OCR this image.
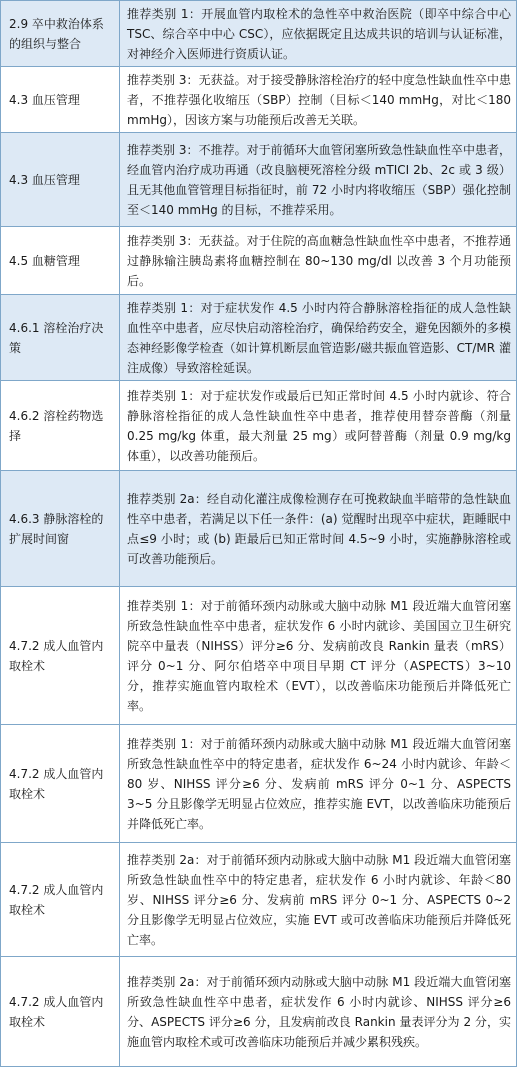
2.9 卒中救治体系的组织与整合	推荐类别 1：开展血管内取栓术的急性卒中救治医院（即卒中综合中心 TSC、综合卒中中心 CSC），应依据既定且达成共识的培训与认证标准，对神经介入医师进行资质认证。
4.3 血压管理	推荐类别 3：无获益。对于接受静脉溶栓治疗的轻中度急性缺血性卒中患者，不推荐强化收缩压（SBP）控制（目标＜140 mmHg，对比＜180 mmHg），因该方案与功能预后改善无关联。
4.3 血压管理	推荐类别 3：不推荐。对于前循环大血管闭塞所致急性缺血性卒中患者，经血管内治疗成功再通（改良脑梗死溶栓分级 mTICI 2b、2c 或 3 级）且无其他血管管理目标指征时，前 72 小时内将收缩压（SBP）强化控制至＜140 mmHg 的目标，不推荐采用。
4.5 血糖管理	推荐类别 3：无获益。对于住院的高血糖急性缺血性卒中患者，不推荐通过静脉输注胰岛素将血糖控制在 80~130 mg/dl 以改善 3 个月功能预后。
4.6.1 溶栓治疗决策	推荐类别 1：对于症状发作 4.5 小时内符合静脉溶栓指征的成人急性缺血性卒中患者，应尽快启动溶栓治疗，确保给药安全，避免因额外的多模态神经影像学检查（如计算机断层血管造影/磁共振血管造影、CT/MR 灌注成像）导致溶栓延误。
4.6.2 溶栓药物选择	推荐类别 1：对于症状发作或最后已知正常时间 4.5 小时内就诊、符合静脉溶栓指征的成人急性缺血性卒中患者，推荐使用替奈普酶（剂量 0.25 mg/kg 体重，最大剂量 25 mg）或阿替普酶（剂量 0.9 mg/kg 体重），以改善功能预后。
4.6.3 静脉溶栓的扩展时间窗	推荐类别 2a：经自动化灌注成像检测存在可挽救缺血半暗带的急性缺血性卒中患者，若满足以下任一条件：(a) 觉醒时出现卒中症状，距睡眠中点≤9 小时；或 (b) 距最后已知正常时间 4.5~9 小时，实施静脉溶栓或可改善功能预后。
4.7.2 成人血管内取栓术	推荐类别 1：对于前循环颈内动脉或大脑中动脉 M1 段近端大血管闭塞所致急性缺血性卒中患者，症状发作 6 小时内就诊、美国国立卫生研究院卒中量表（NIHSS）评分≥6 分、发病前改良 Rankin 量表（mRS）评分 0~1 分、阿尔伯塔卒中项目早期 CT 评分（ASPECTS）3~10 分，推荐实施血管内取栓术（EVT），以改善临床功能预后并降低死亡率。
4.7.2 成人血管内取栓术	推荐类别 1：对于前循环颈内动脉或大脑中动脉 M1 段近端大血管闭塞所致急性缺血性卒中的特定患者，症状发作 6~24 小时内就诊、年龄＜80 岁、NIHSS 评分≥6 分、发病前 mRS 评分 0~1 分、ASPECTS 3~5 分且影像学无明显占位效应，推荐实施 EVT，以改善临床功能预后并降低死亡率。
4.7.2 成人血管内取栓术	推荐类别 2a：对于前循环颈内动脉或大脑中动脉 M1 段近端大血管闭塞所致急性缺血性卒中的特定患者，症状发作 6 小时内就诊、年龄＜80 岁、NIHSS 评分≥6 分、发病前 mRS 评分 0~1 分、ASPECTS 0~2 分且影像学无明显占位效应，实施 EVT 或可改善临床功能预后并降低死亡率。
4.7.2 成人血管内取栓术	推荐类别 2a：对于前循环颈内动脉或大脑中动脉 M1 段近端大血管闭塞所致急性缺血性卒中患者，症状发作 6 小时内就诊、NIHSS 评分≥6 分、ASPECTS 评分≥6 分，且发病前改良 Rankin 量表评分为 2 分，实施血管内取栓术或可改善临床功能预后并减少累积残疾。
